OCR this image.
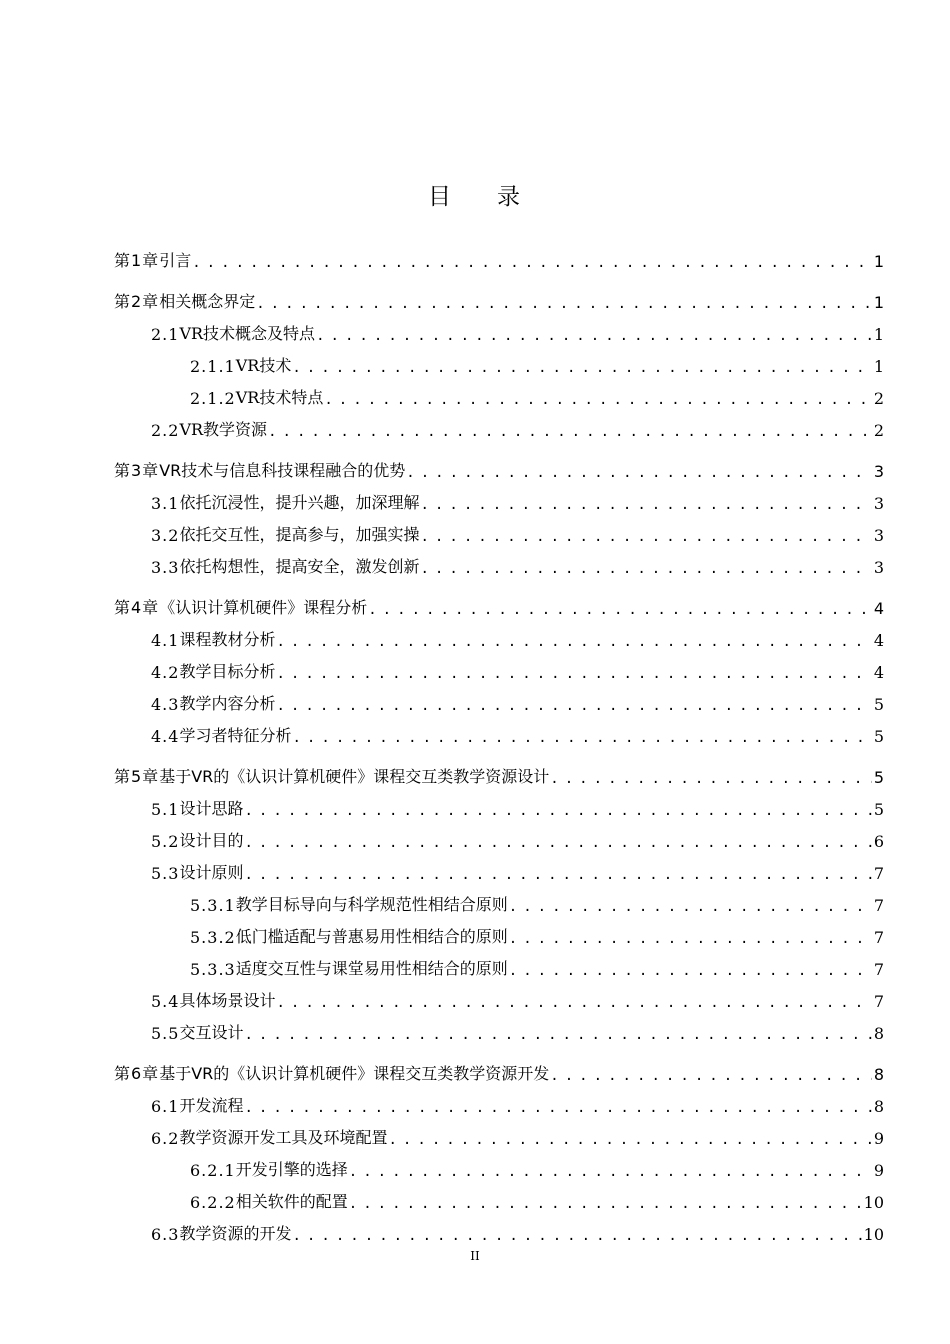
目 录
第1章 引言 . . .	1
第2章 相关概念界定 . . .	1
2.1 VR技术概念及特点 . . .	1
2.1.1 VR技术 . . .	1
2.1.2 VR技术特点 . . .	2
2.2 VR教学资源 . . .	2
第3章 VR技术与信息科技课程融合的优势 . . .	3
3.1 依托沉浸性，提升兴趣，加深理解 . . .	3
3.2 依托交互性，提高参与，加强实操 . . .	3
3.3 依托构想性，提高安全，激发创新 . . .	3
第4章 《认识计算机硬件》课程分析 . . .	4
4.1 课程教材分析 . . .	4
4.2 教学目标分析 . . .	4
4.3 教学内容分析 . . .	5
4.4 学习者特征分析 . . .	5
第5章 基于VR的《认识计算机硬件》课程交互类教学资源设计 . . .	5
5.1 设计思路 . . .	5
5.2 设计目的 . . .	6
5.3 设计原则 . . .	7
5.3.1 教学目标导向与科学规范性相结合原则 . . .	7
5.3.2 低门槛适配与普惠易用性相结合的原则 . . .	7
5.3.3 适度交互性与课堂易用性相结合的原则 . . .	7
5.4 具体场景设计 . . .	7
5.5 交互设计 . . .	8
第6章 基于VR的《认识计算机硬件》课程交互类教学资源开发 . . .	8
6.1 开发流程 . . .	8
6.2 教学资源开发工具及环境配置 . . .	9
6.2.1 开发引擎的选择 . . .	9
6.2.2 相关软件的配置 . . .	10
6.3 教学资源的开发 . . .	10
II
